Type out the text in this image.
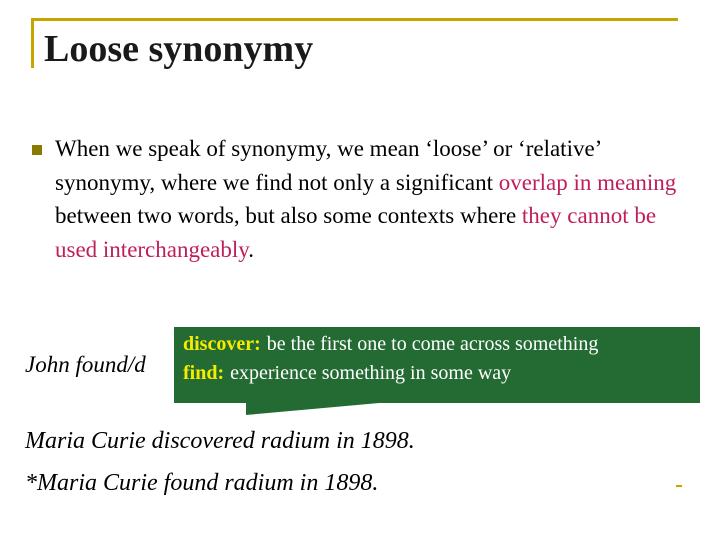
Loose synonymy
When we speak of synonymy, we mean ‘loose’ or ‘relative’ synonymy, where we find not only a significant overlap in meaning between two words, but also some contexts where they cannot be used interchangeably.
John found/d
discover: be the first one to come across something
find: experience something in some way
Maria Curie discovered radium in 1898.
*Maria Curie found radium in 1898.
